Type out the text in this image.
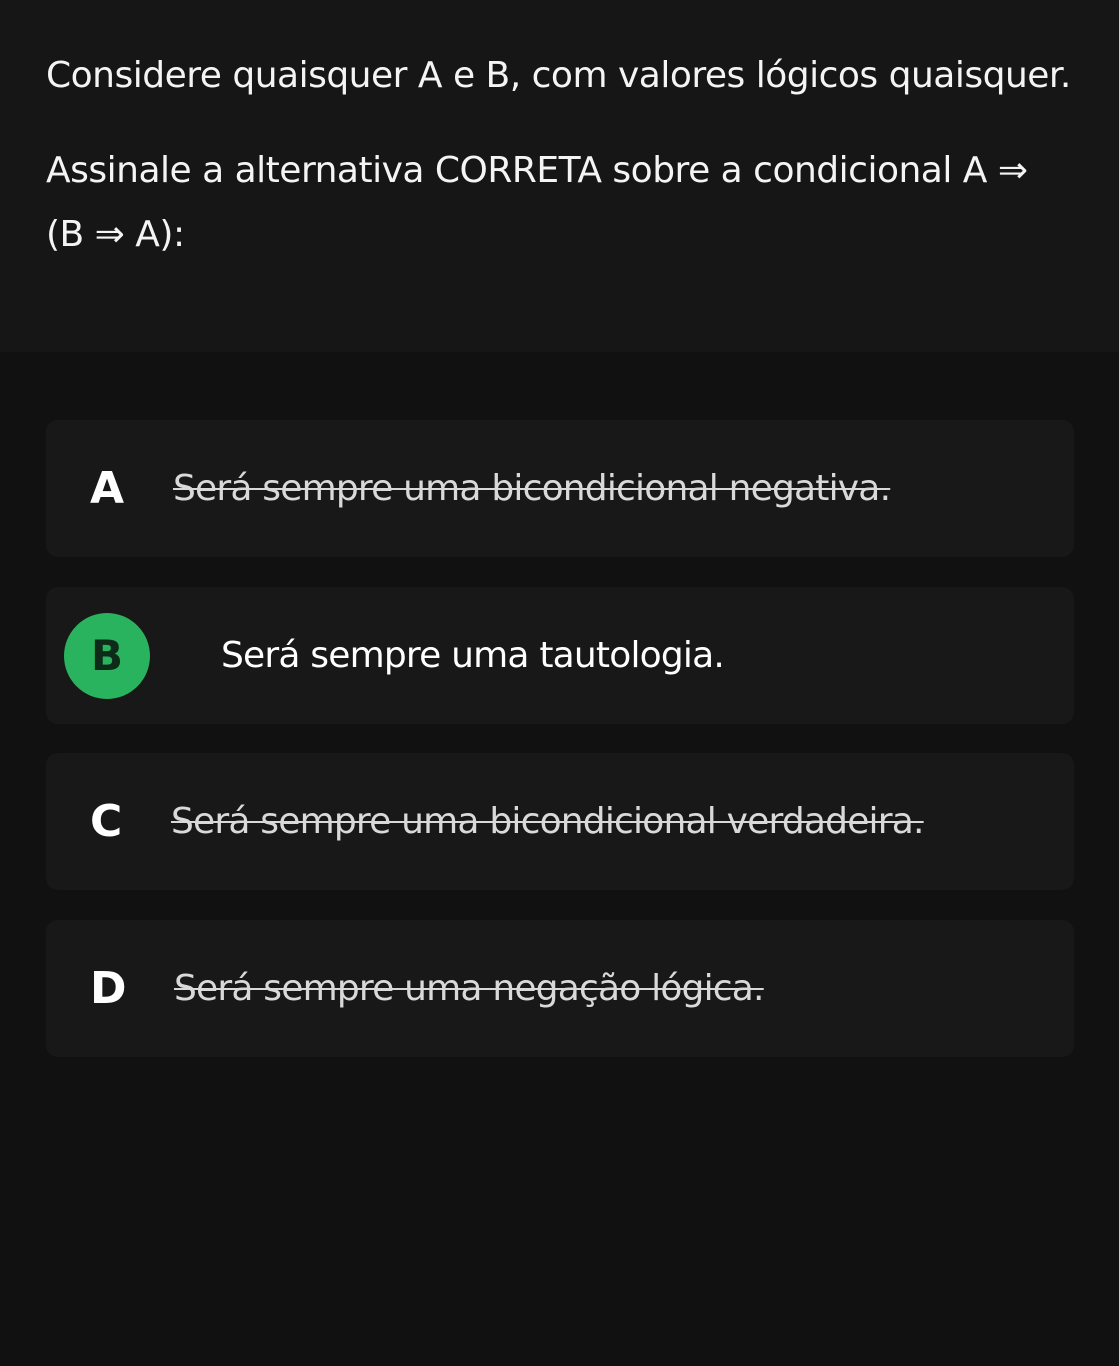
Considere quaisquer A e B, com valores lógicos quaisquer.

Assinale a alternativa CORRETA sobre a condicional A ⇒

(B ⇒ A):

A Será sempre uma bicondicional negativa.
B	Será sempre uma tautologia.
C Será sempre uma bicondicional verdadeira.
D Será sempre uma negação lógica.
